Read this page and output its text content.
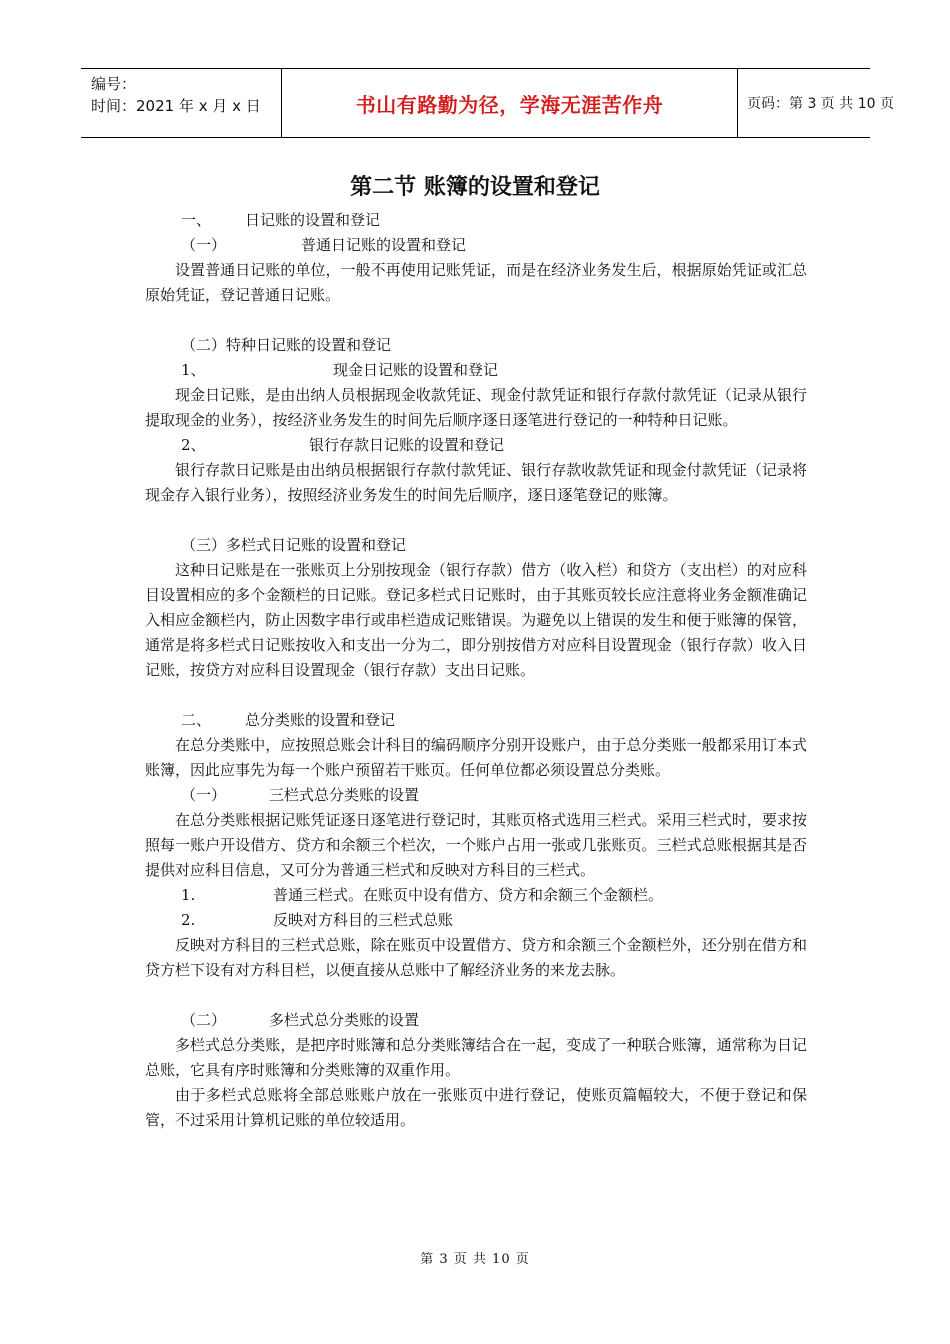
编号：
时间：2021 年 x 月 x 日	书山有路勤为径，学海无涯苦作舟	页码：第 3 页 共 10 页
第二节 账簿的设置和登记
一、 日记账的设置和登记
（一）	普通日记账的设置和登记
设置普通日记账的单位，一般不再使用记账凭证，而是在经济业务发生后，根据原始凭证或汇总原始凭证，登记普通日记账。
（二）特种日记账的设置和登记
1、	现金日记账的设置和登记
现金日记账，是由出纳人员根据现金收款凭证、现金付款凭证和银行存款付款凭证（记录从银行提取现金的业务），按经济业务发生的时间先后顺序逐日逐笔进行登记的一种特种日记账。
2、	银行存款日记账的设置和登记
银行存款日记账是由出纳员根据银行存款付款凭证、银行存款收款凭证和现金付款凭证（记录将现金存入银行业务），按照经济业务发生的时间先后顺序，逐日逐笔登记的账簿。
（三）多栏式日记账的设置和登记
这种日记账是在一张账页上分别按现金（银行存款）借方（收入栏）和贷方（支出栏）的对应科目设置相应的多个金额栏的日记账。登记多栏式日记账时，由于其账页较长应注意将业务金额准确记入相应金额栏内，防止因数字串行或串栏造成记账错误。为避免以上错误的发生和便于账簿的保管，通常是将多栏式日记账按收入和支出一分为二，即分别按借方对应科目设置现金（银行存款）收入日记账，按贷方对应科目设置现金（银行存款）支出日记账。
二、 总分类账的设置和登记
在总分类账中，应按照总账会计科目的编码顺序分别开设账户，由于总分类账一般都采用订本式账簿，因此应事先为每一个账户预留若干账页。任何单位都必须设置总分类账。
（一）	三栏式总分类账的设置
在总分类账根据记账凭证逐日逐笔进行登记时，其账页格式选用三栏式。采用三栏式时，要求按照每一账户开设借方、贷方和余额三个栏次，一个账户占用一张或几张账页。三栏式总账根据其是否提供对应科目信息，又可分为普通三栏式和反映对方科目的三栏式。
1.	普通三栏式。在账页中设有借方、贷方和余额三个金额栏。
2.	反映对方科目的三栏式总账
反映对方科目的三栏式总账，除在账页中设置借方、贷方和余额三个金额栏外，还分别在借方和贷方栏下设有对方科目栏，以便直接从总账中了解经济业务的来龙去脉。
（二）	多栏式总分类账的设置
多栏式总分类账，是把序时账簿和总分类账簿结合在一起，变成了一种联合账簿，通常称为日记总账，它具有序时账簿和分类账簿的双重作用。
由于多栏式总账将全部总账账户放在一张账页中进行登记，使账页篇幅较大，不便于登记和保管，不过采用计算机记账的单位较适用。
第 3 页 共 10 页
